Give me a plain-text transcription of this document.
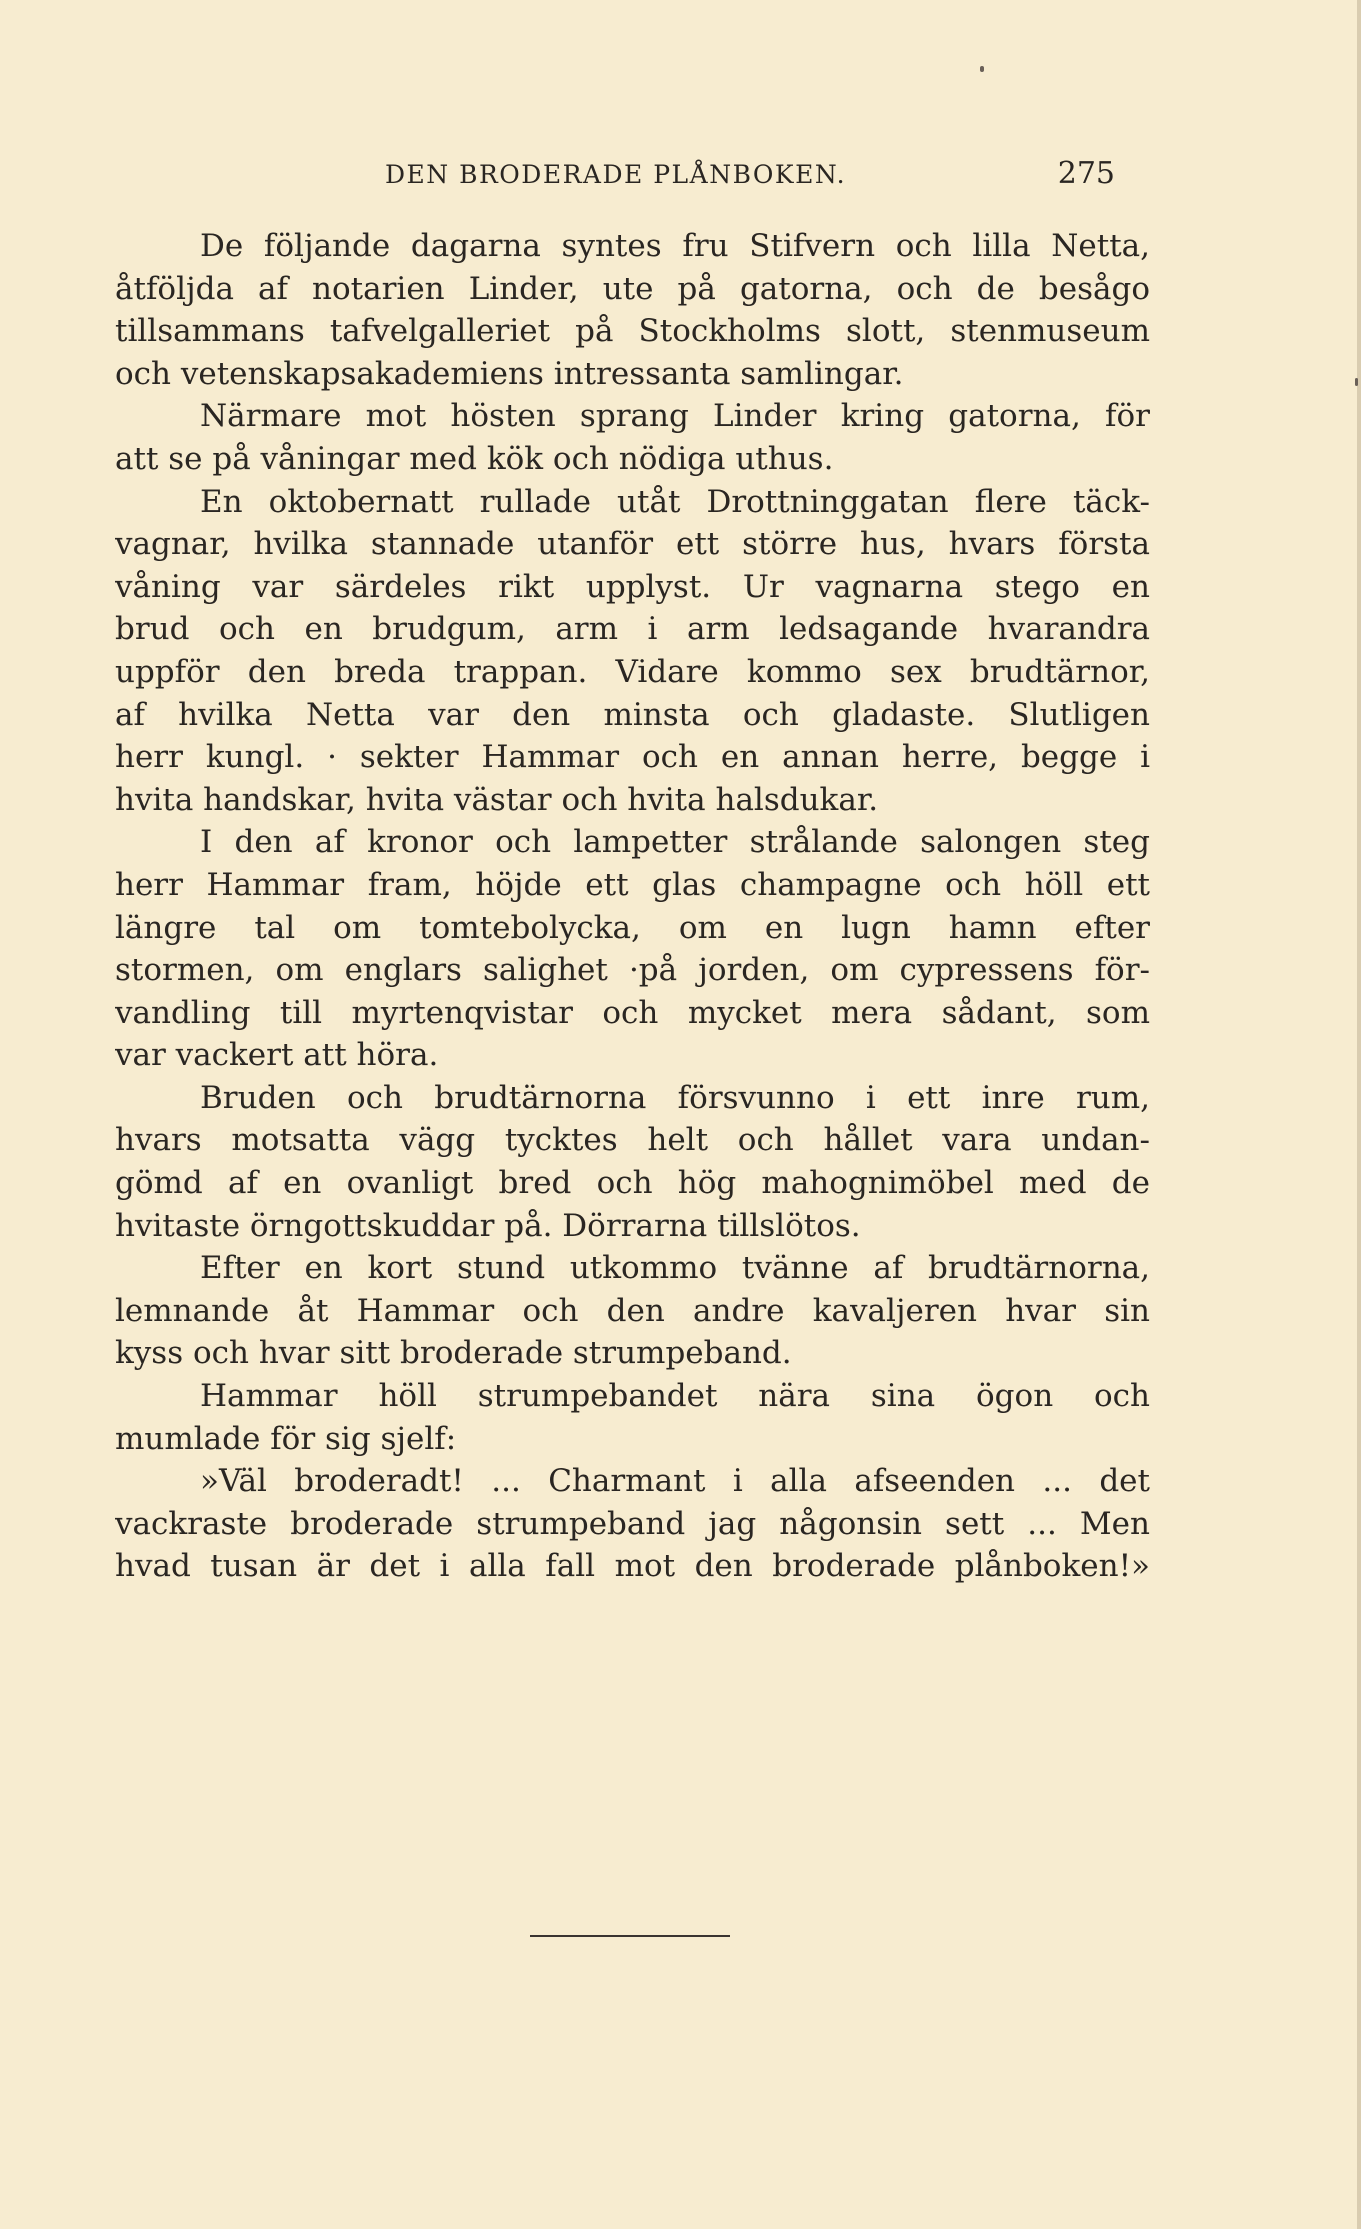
DEN BRODERADE PLÅNBOKEN.	275
De följande dagarna syntes fru Stifvern och lilla Netta,
åtföljda af notarien Linder, ute på gatorna, och de besågo
tillsammans tafvelgalleriet på Stockholms slott, stenmuseum
och vetenskapsakademiens intressanta samlingar.
Närmare mot hösten sprang Linder kring gatorna, för
att se på våningar med kök och nödiga uthus.
En oktobernatt rullade utåt Drottninggatan flere täck-
vagnar, hvilka stannade utanför ett större hus, hvars första
våning var särdeles rikt upplyst. Ur vagnarna stego en
brud och en brudgum, arm i arm ledsagande hvarandra
uppför den breda trappan. Vidare kommo sex brudtärnor,
af hvilka Netta var den minsta och gladaste. Slutligen
herr kungl. · sekter Hammar och en annan herre, begge i
hvita handskar, hvita västar och hvita halsdukar.
I den af kronor och lampetter strålande salongen steg
herr Hammar fram, höjde ett glas champagne och höll ett
längre tal om tomtebolycka, om en lugn hamn efter
stormen, om englars salighet ·på jorden, om cypressens för-
vandling till myrtenqvistar och mycket mera sådant, som
var vackert att höra.
Bruden och brudtärnorna försvunno i ett inre rum,
hvars motsatta vägg tycktes helt och hållet vara undan-
gömd af en ovanligt bred och hög mahognimöbel med de
hvitaste örngottskuddar på. Dörrarna tillslötos.
Efter en kort stund utkommo tvänne af brudtärnorna,
lemnande åt Hammar och den andre kavaljeren hvar sin
kyss och hvar sitt broderade strumpeband.
Hammar höll strumpebandet nära sina ögon och
mumlade för sig sjelf:
»Väl broderadt! ... Charmant i alla afseenden ... det
vackraste broderade strumpeband jag någonsin sett ... Men
hvad tusan är det i alla fall mot den broderade plånboken!»
